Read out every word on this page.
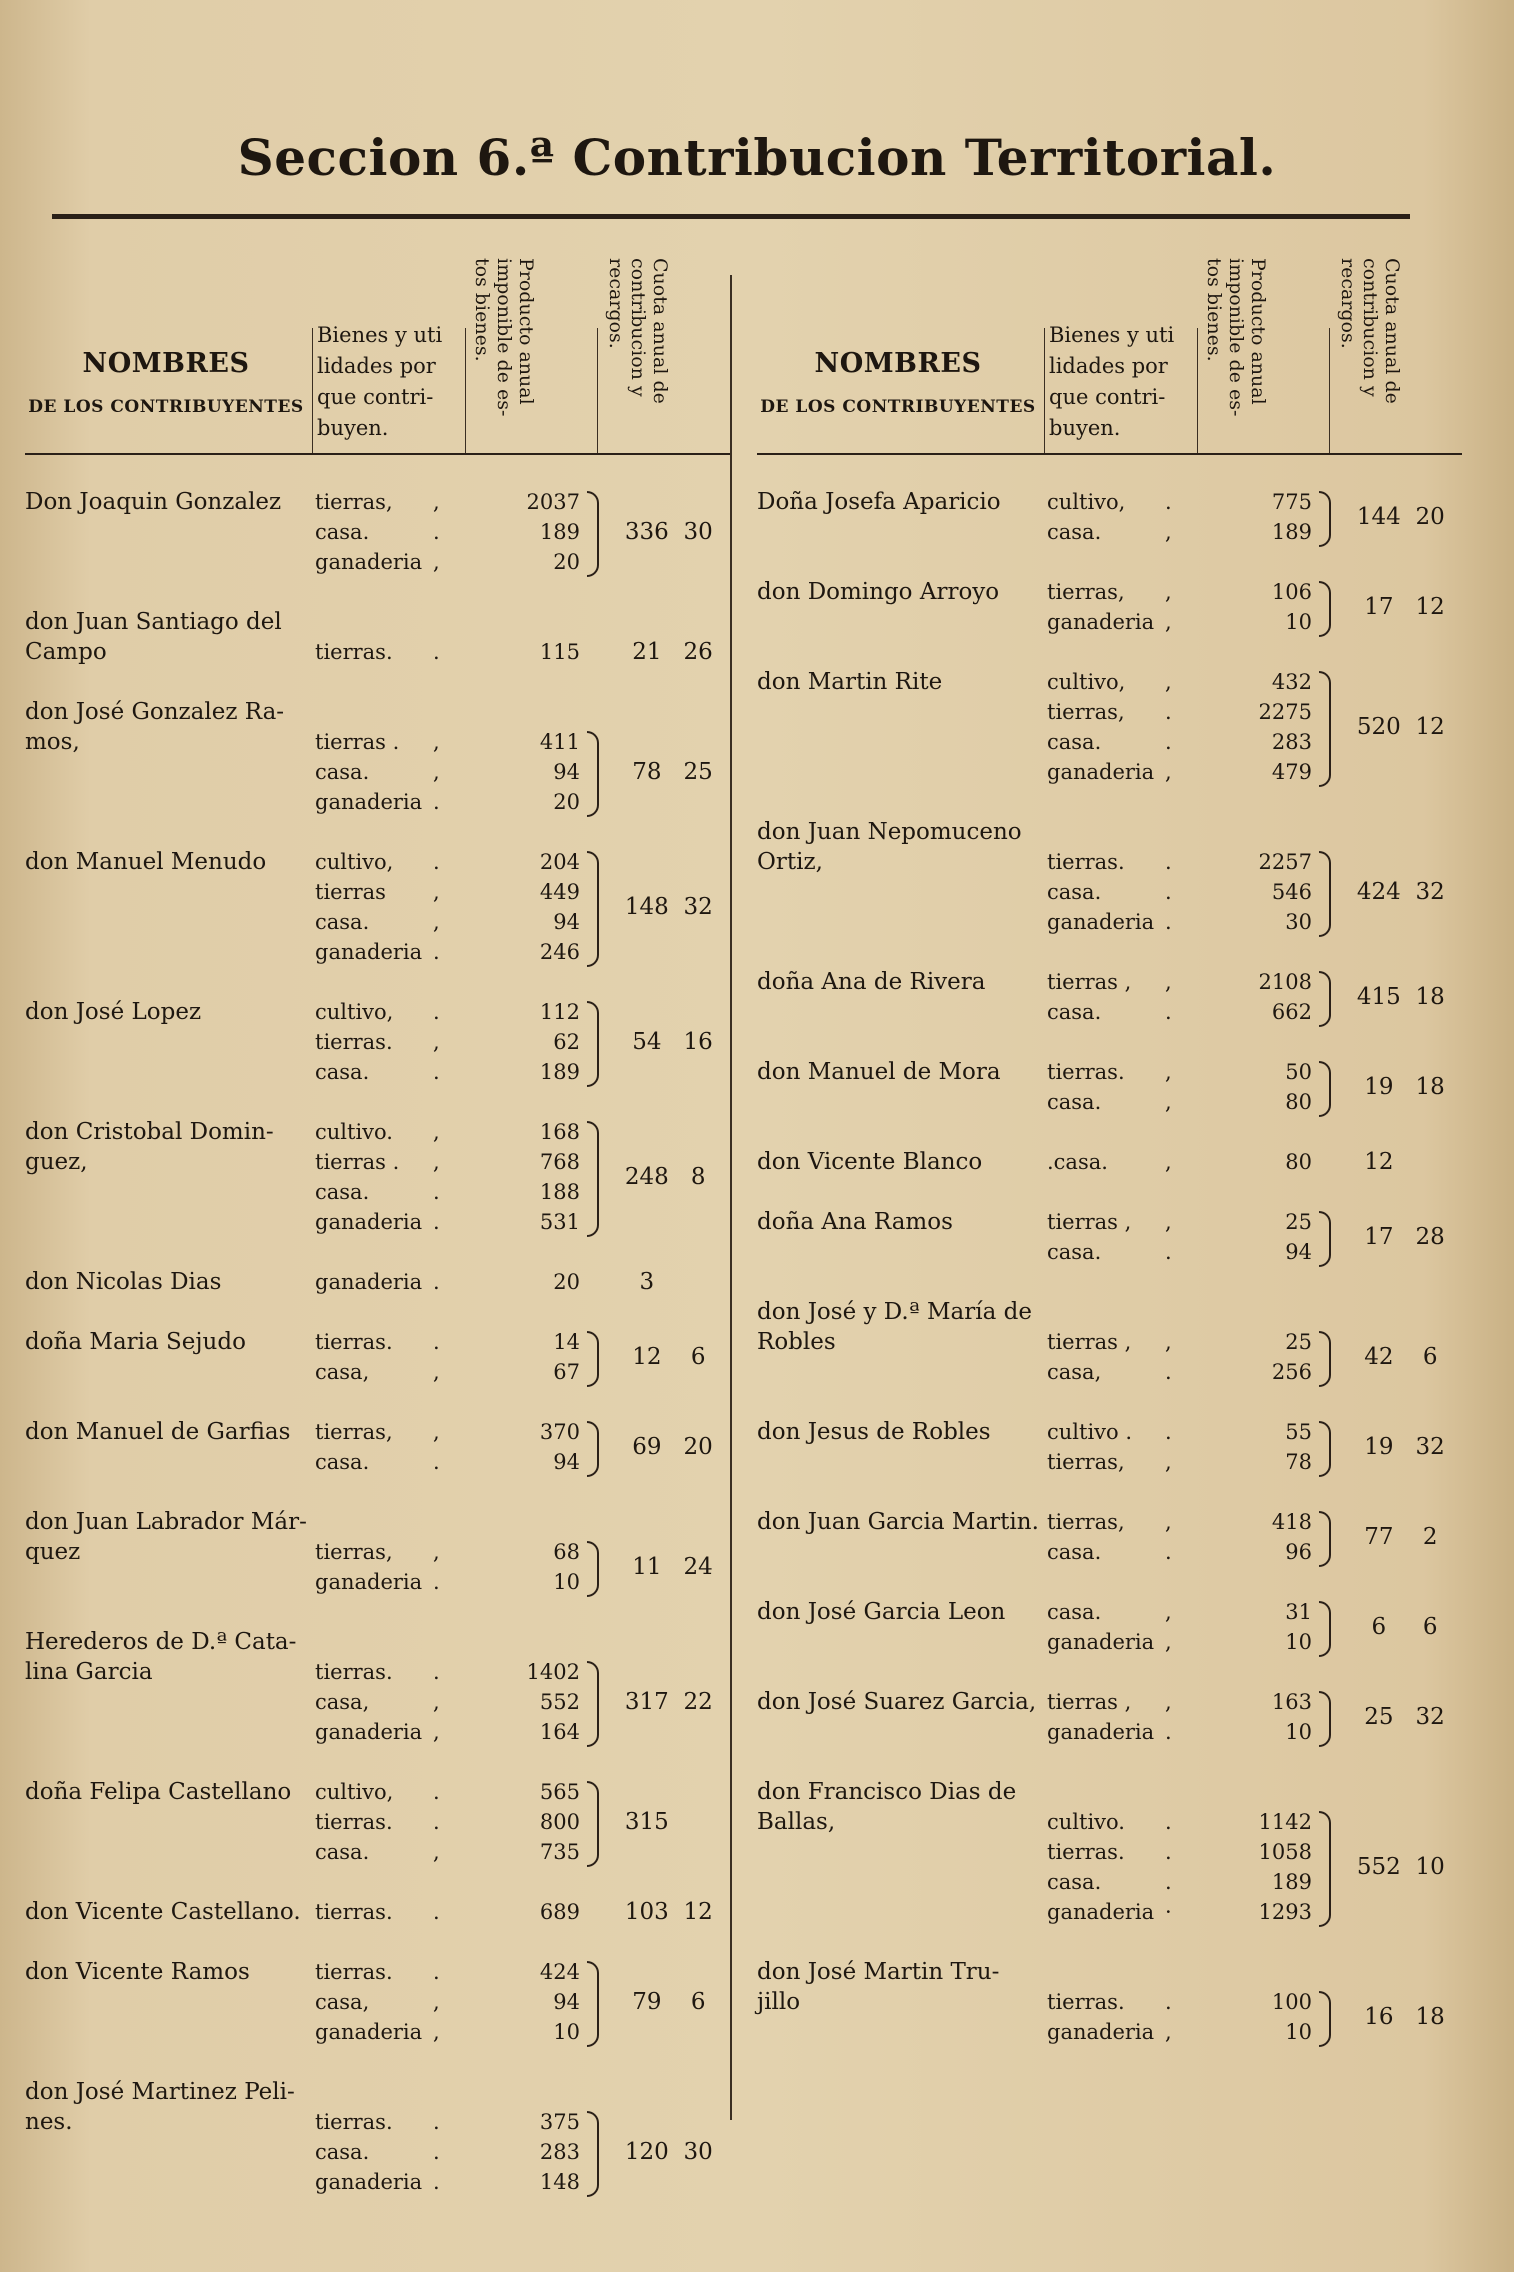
Seccion 6.ª Contribucion Territorial.
NOMBRES
DE LOS CONTRIBUYENTES
Bienes y uti
lidades por
que contri-
buyen.
Producto anual imponible de es- tos bienes.	Cuota anual de contribucion y recargos.
Don Joaquin Gonzalez	tierras, ,	2037
casa.	.	189
ganaderia ,	20
336 30
don Juan Santiago del
Campo	tierras. .	115	21 26
don José Gonzalez Ra-
mos,	tierras . ,	411
casa.	,	94
ganaderia .	20
78 25
don Manuel Menudo	cultivo, .	204
tierras ,	449
casa.	,	94
ganaderia .	246
148 32
don José Lopez	cultivo, .	112
tierras. ,	62
casa.	.	189
54 16
don Cristobal Domin-
guez,
cultivo. ,	168
tierras . ,	768
casa.	.	188
ganaderia .	531
248 8
don Nicolas Dias	ganaderia .	20	3
doña Maria Sejudo	tierras. .	14
casa,	,	67
12 6
don Manuel de Garfias	tierras, ,	370
casa.	.	94
69 20
don Juan Labrador Már-
quez	tierras, ,	68
ganaderia .	10
11 24
Herederos de D.ª Cata-
lina Garcia	tierras. .	1402
casa,	,	552
ganaderia ,	164
317 22
doña Felipa Castellano	cultivo, .	565
tierras. .	800
casa.	,	735
315
don Vicente Castellano. tierras. .	689	103 12
don Vicente Ramos	tierras. .	424
casa,	,	94
ganaderia ,	10
79 6
don José Martinez Peli-
nes.	tierras. .	375
casa.	.	283
ganaderia .	148
120 30
NOMBRES
DE LOS CONTRIBUYENTES
Bienes y uti
lidades por
que contri-
buyen.
Producto anual imponible de es- tos bienes.	Cuota anual de contribucion y recargos.
Doña Josefa Aparicio	cultivo, .	775
casa.	,	189
144 20
don Domingo Arroyo	tierras, ,	106
ganaderia ,	10
17 12
don Martin Rite	cultivo, ,	432
tierras, .	2275
casa.	.	283
ganaderia ,	479
520 12
don Juan Nepomuceno
Ortiz,	tierras. .	2257
casa.	.	546
ganaderia .	30
424 32
doña Ana de Rivera	tierras , ,	2108
casa.	.	662
415 18
don Manuel de Mora	tierras. ,	50
casa.	,	80
19 18
don Vicente Blanco	.casa.	,	80	12
doña Ana Ramos	tierras , ,	25
casa.	.	94
17 28
don José y D.ª María de
Robles	tierras , ,	25
casa,	.	256
42 6
don Jesus de Robles	cultivo . .	55
tierras, ,	78
19 32
don Juan Garcia Martin. tierras, ,	418
casa.	.	96
77 2
don José Garcia Leon	casa.	,	31
ganaderia ,	10
6 6
don José Suarez Garcia, tierras , ,	163
ganaderia .	10
25 32
don Francisco Dias de
Ballas,	cultivo. .	1142
tierras. .	1058
casa.	.	189
ganaderia ·	1293
552 10
don José Martin Tru-
jillo	tierras. .	100
ganaderia ,	10
16 18
